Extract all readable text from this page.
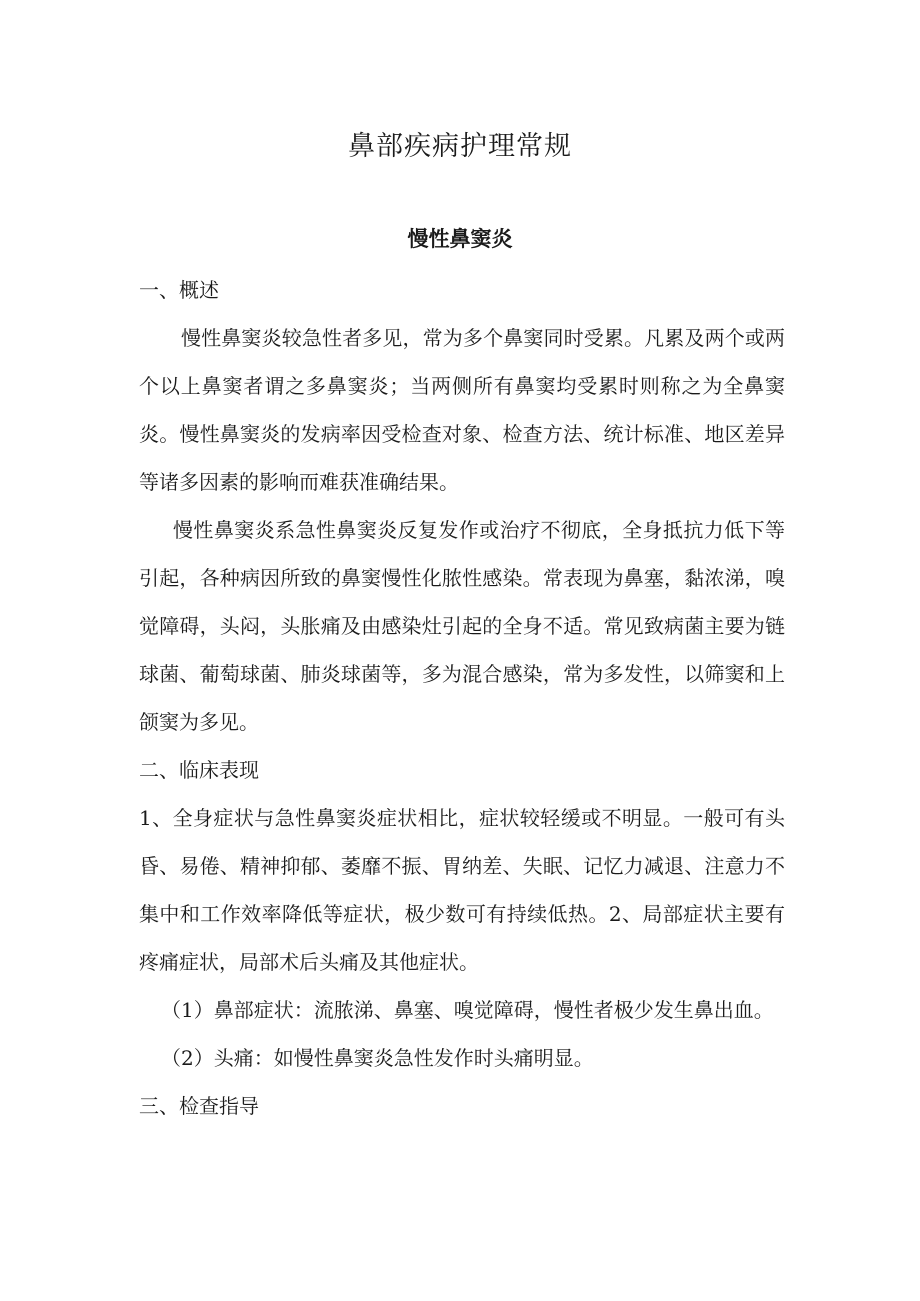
鼻部疾病护理常规
慢性鼻窦炎

一、概述

慢性鼻窦炎较急性者多见，常为多个鼻窦同时受累。凡累及两个或两个以上鼻窦者谓之多鼻窦炎；当两侧所有鼻窦均受累时则称之为全鼻窦炎。慢性鼻窦炎的发病率因受检查对象、检查方法、统计标准、地区差异等诸多因素的影响而难获准确结果。

慢性鼻窦炎系急性鼻窦炎反复发作或治疗不彻底，全身抵抗力低下等引起，各种病因所致的鼻窦慢性化脓性感染。常表现为鼻塞，黏浓涕，嗅觉障碍，头闷，头胀痛及由感染灶引起的全身不适。常见致病菌主要为链球菌、葡萄球菌、肺炎球菌等，多为混合感染，常为多发性，以筛窦和上颌窦为多见。

二、临床表现

1、全身症状与急性鼻窦炎症状相比，症状较轻缓或不明显。一般可有头昏、易倦、精神抑郁、萎靡不振、胃纳差、失眠、记忆力减退、注意力不集中和工作效率降低等症状，极少数可有持续低热。2、局部症状主要有疼痛症状，局部术后头痛及其他症状。

（1）鼻部症状：流脓涕、鼻塞、嗅觉障碍，慢性者极少发生鼻出血。

（2）头痛：如慢性鼻窦炎急性发作时头痛明显。

三、检查指导
